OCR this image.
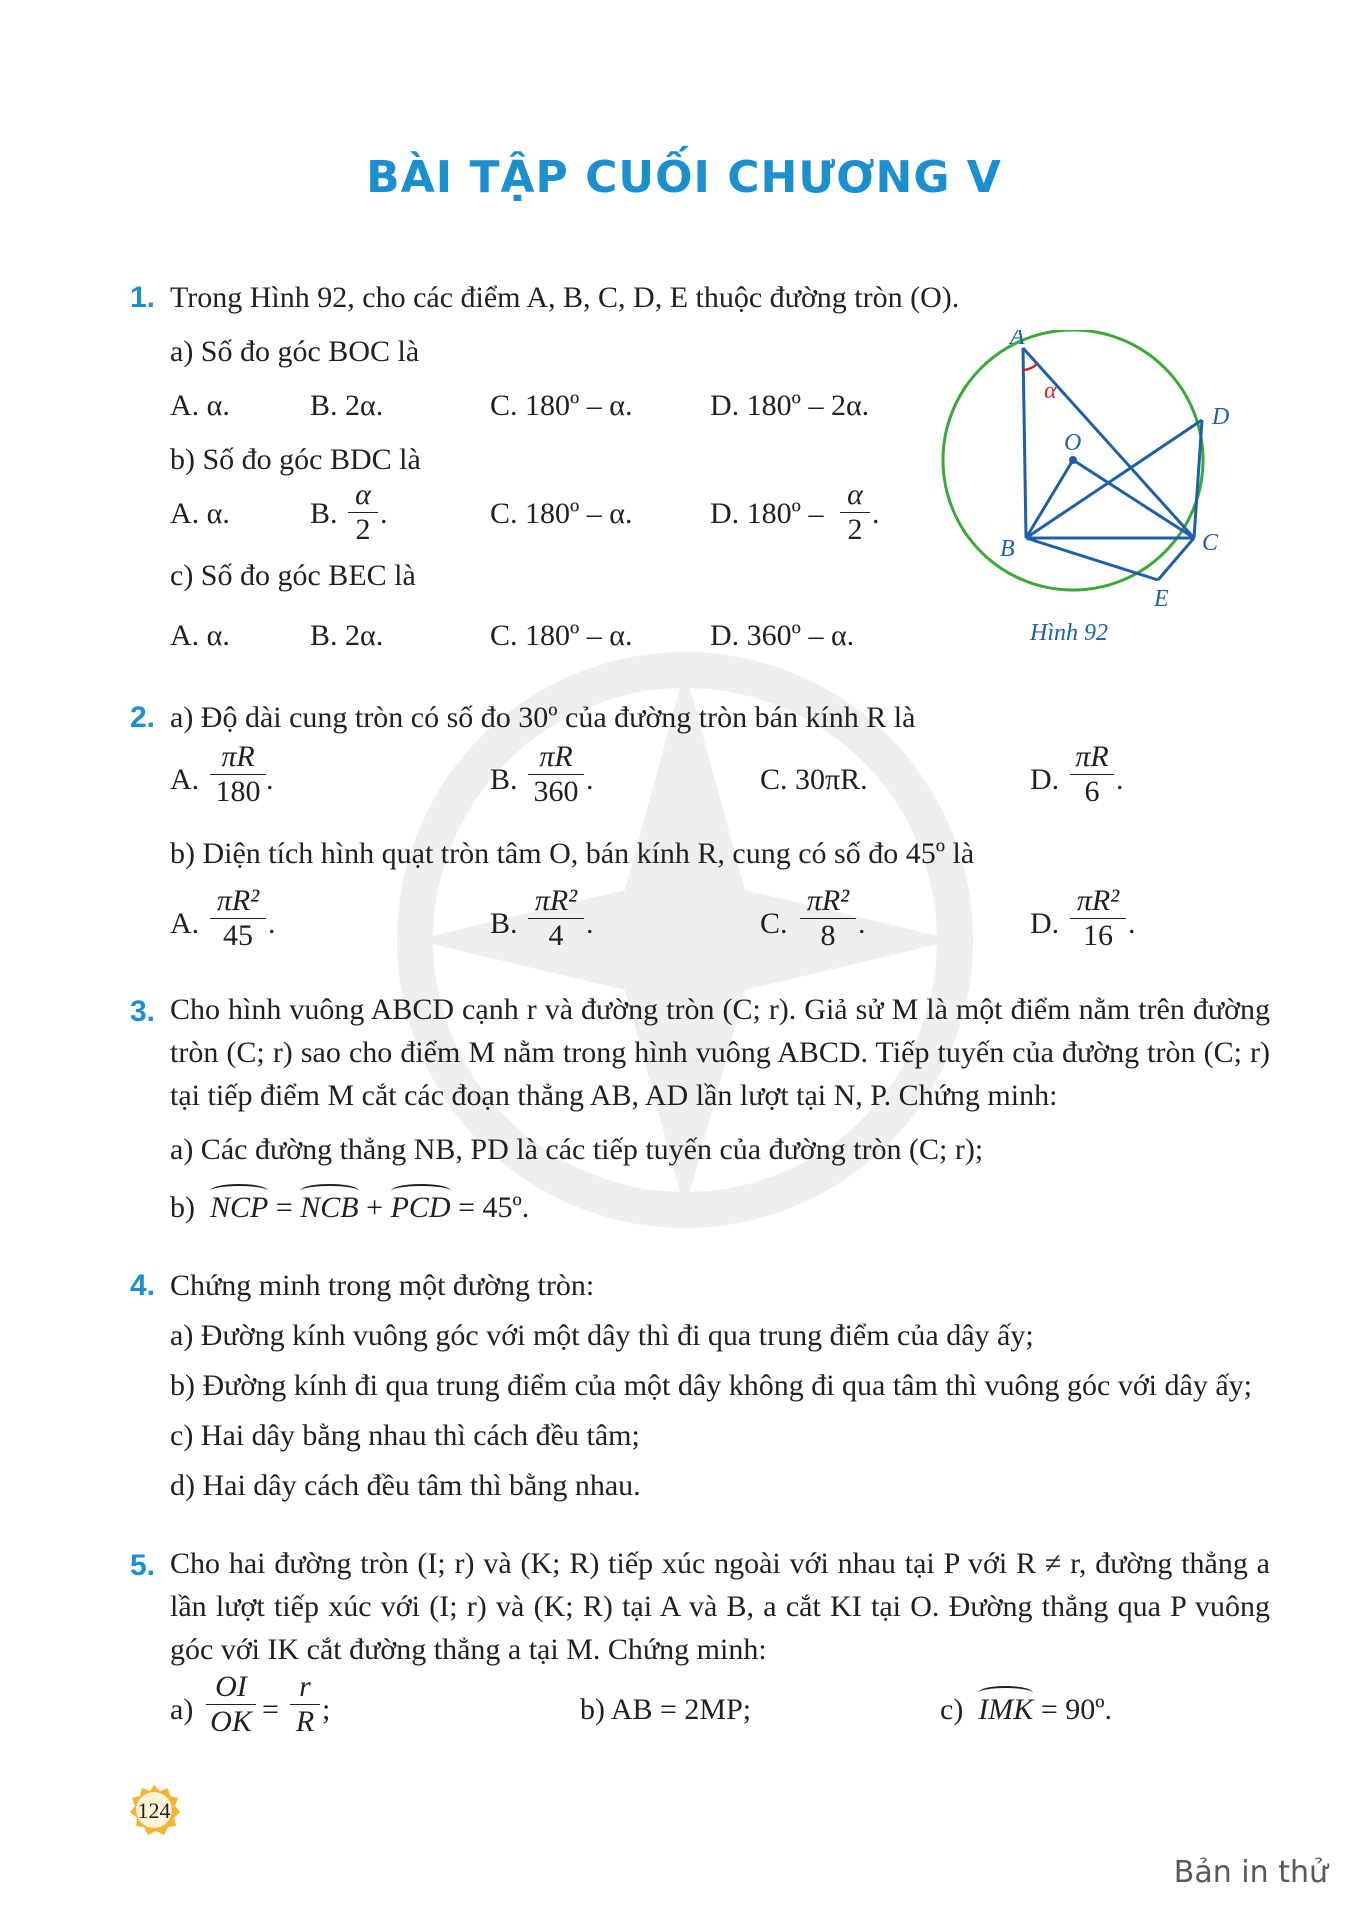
BÀI TẬP CUỐI CHƯƠNG V
1. Trong Hình 92, cho các điểm A, B, C, D, E thuộc đường tròn (O).
a) Số đo góc BOC là
A. α.	B. 2α.	C. 180º – α.	D. 180º – 2α.
b) Số đo góc BDC là
A. α.	B. $\frac{\alpha}{2}$ .	C. 180º – α.	D. 180º – $\frac{\alpha}{2}$ .
c) Số đo góc BEC là
A. α.	B. 2α.	C. 180º – α.	D. 360º – α.
A
B	C
D
E
O
α
Hình 92
2. a) Độ dài cung tròn có số đo 30º của đường tròn bán kính R là
A. $\frac{\pi R}{180}$ .	B. $\frac{\pi R}{360}$ .	C. 30πR.	D. $\frac{\pi R}{6}$ .
b) Diện tích hình quạt tròn tâm O, bán kính R, cung có số đo 45º là
A. $\frac{\text{πR²}}{45}$ .	B. $\frac{\text{πR²}}{4}$ .	C. $\frac{\text{πR²}}{8}$ .	D. $\frac{\text{πR²}}{16}$ .
3. Cho hình vuông ABCD cạnh r và đường tròn (C; r). Giả sử M là một điểm nằm trên đường tròn (C; r) sao cho điểm M nằm trong hình vuông ABCD. Tiếp tuyến của đường tròn (C; r) tại tiếp điểm M cắt các đoạn thẳng AB, AD lần lượt tại N, P. Chứng minh:
a) Các đường thẳng NB, PD là các tiếp tuyến của đường tròn (C; r);
b) NCP = NCB + PCD = 45º.
4. Chứng minh trong một đường tròn:
a) Đường kính vuông góc với một dây thì đi qua trung điểm của dây ấy;
b) Đường kính đi qua trung điểm của một dây không đi qua tâm thì vuông góc với dây ấy;
c) Hai dây bằng nhau thì cách đều tâm;
d) Hai dây cách đều tâm thì bằng nhau.
5. Cho hai đường tròn (I; r) và (K; R) tiếp xúc ngoài với nhau tại P với R ≠ r, đường thẳng a lần lượt tiếp xúc với (I; r) và (K; R) tại A và B, a cắt KI tại O. Đường thẳng qua P vuông góc với IK cắt đường thẳng a tại M. Chứng minh:
$a) \frac{OI}{OK} = \frac{r}{R}$ ;	b) AB = 2MP;	c) IMK = 90º.
124
Bản in thử
